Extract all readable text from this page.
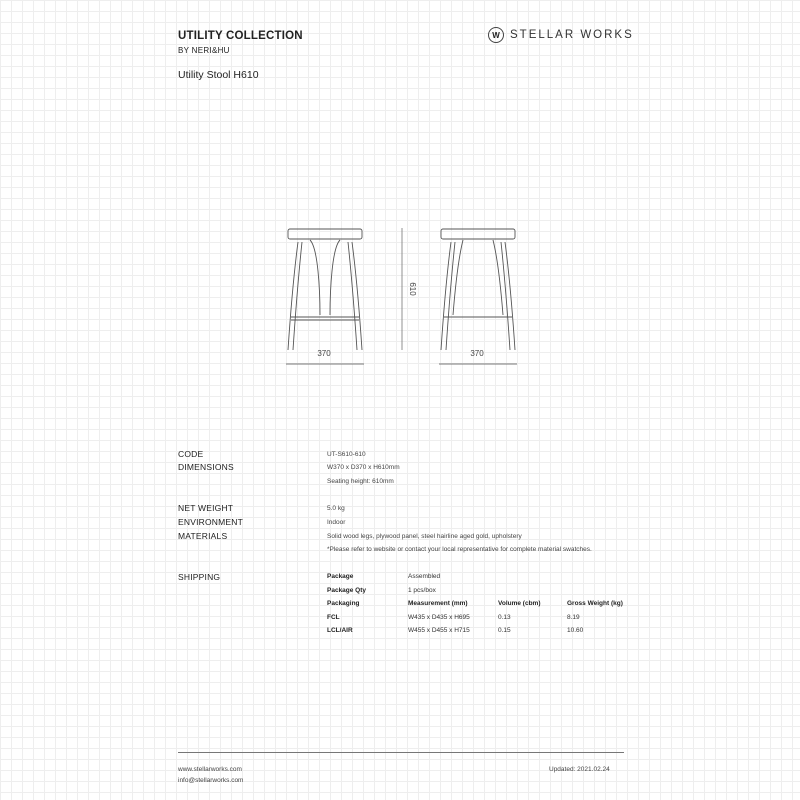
UTILITY COLLECTION
BY NERI&HU
Utility Stool H610
W STELLAR WORKS
370
610
370
CODE	UT-S610-610
DIMENSIONS	W370 x D370 x H610mm
Seating height: 610mm
NET WEIGHT	5.0 kg
ENVIRONMENT	Indoor
MATERIALS	Solid wood legs, plywood panel, steel hairline aged gold, upholstery
*Please refer to website or contact your local representative for complete material swatches.
SHIPPING	Package	Assembled
Package Qty	1 pcs/box
Packaging	Measurement (mm)	Volume (cbm)	Gross Weight (kg)
FCL	W435 x D435 x H695	0.13	8.19
LCL/AIR	W455 x D455 x H715	0.15	10.60
www.stellarworks.com
info@stellarworks.com
Updated: 2021.02.24
